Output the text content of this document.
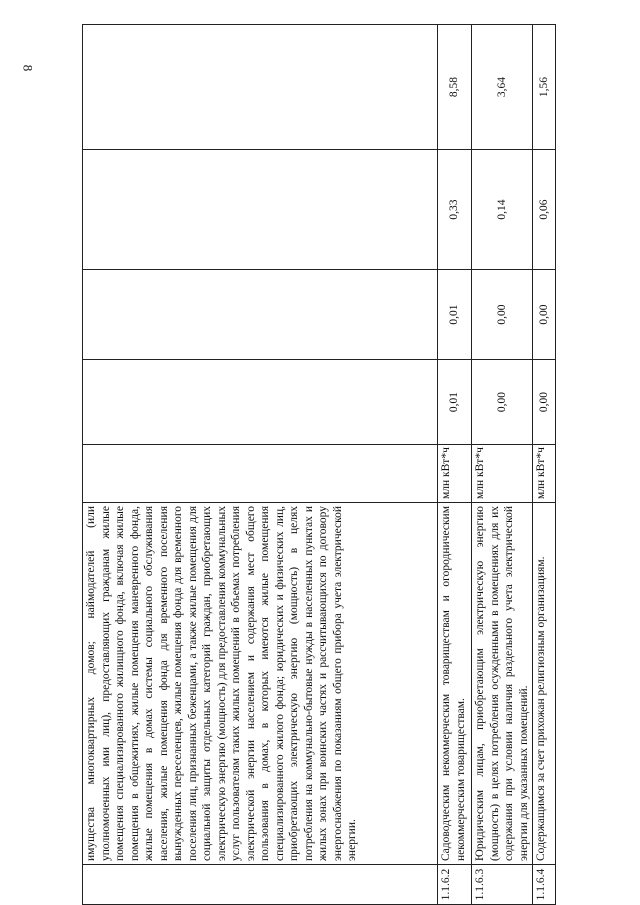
8
	имущества многоквартирных домов; наймодателей (или уполномоченных ими лиц), предоставляющих гражданам жилые помещения специализированного жилищного фонда, включая жилые помещения в общежитиях, жилые помещения маневренного фонда, жилые помещения в домах системы социального обслуживания населения, жилые помещения фонда для временного поселения вынужденных переселенцев, жилые помещения фонда для временного поселения лиц, признанных беженцами, а также жилые помещения для социальной защиты отдельных категорий граждан, приобретающих электрическую энергию (мощность) для предоставления коммунальных услуг пользователям таких жилых помещений в объемах потребления электрической энергии населением и содержания мест общего пользования в домах, в которых имеются жилые помещения специализированного жилого фонда; юридических и физических лиц, приобретающих электрическую энергию (мощность) в целях потребления на коммунально-бытовые нужды в населенных пунктах и жилых зонах при воинских частях и рассчитывающихся по договору энергоснабжения по показаниям общего прибора учета электрической энергии.					
1.1.6.2	Садоводческим некоммерческим товариществам и огородническим некоммерческим товариществам.	млн кВт*ч	0,01	0,01	0,33	8,58
1.1.6.3	Юридическим лицам, приобретающим электрическую энергию (мощность) в целях потребления осужденными в помещениях для их содержания при условии наличия раздельного учета электрической энергии для указанных помещений.	млн кВт*ч	0,00	0,00	0,14	3,64
1.1.6.4	Содержащимся за счет прихожан религиозным организациям.	млн кВт*ч	0,00	0,00	0,06	1,56
